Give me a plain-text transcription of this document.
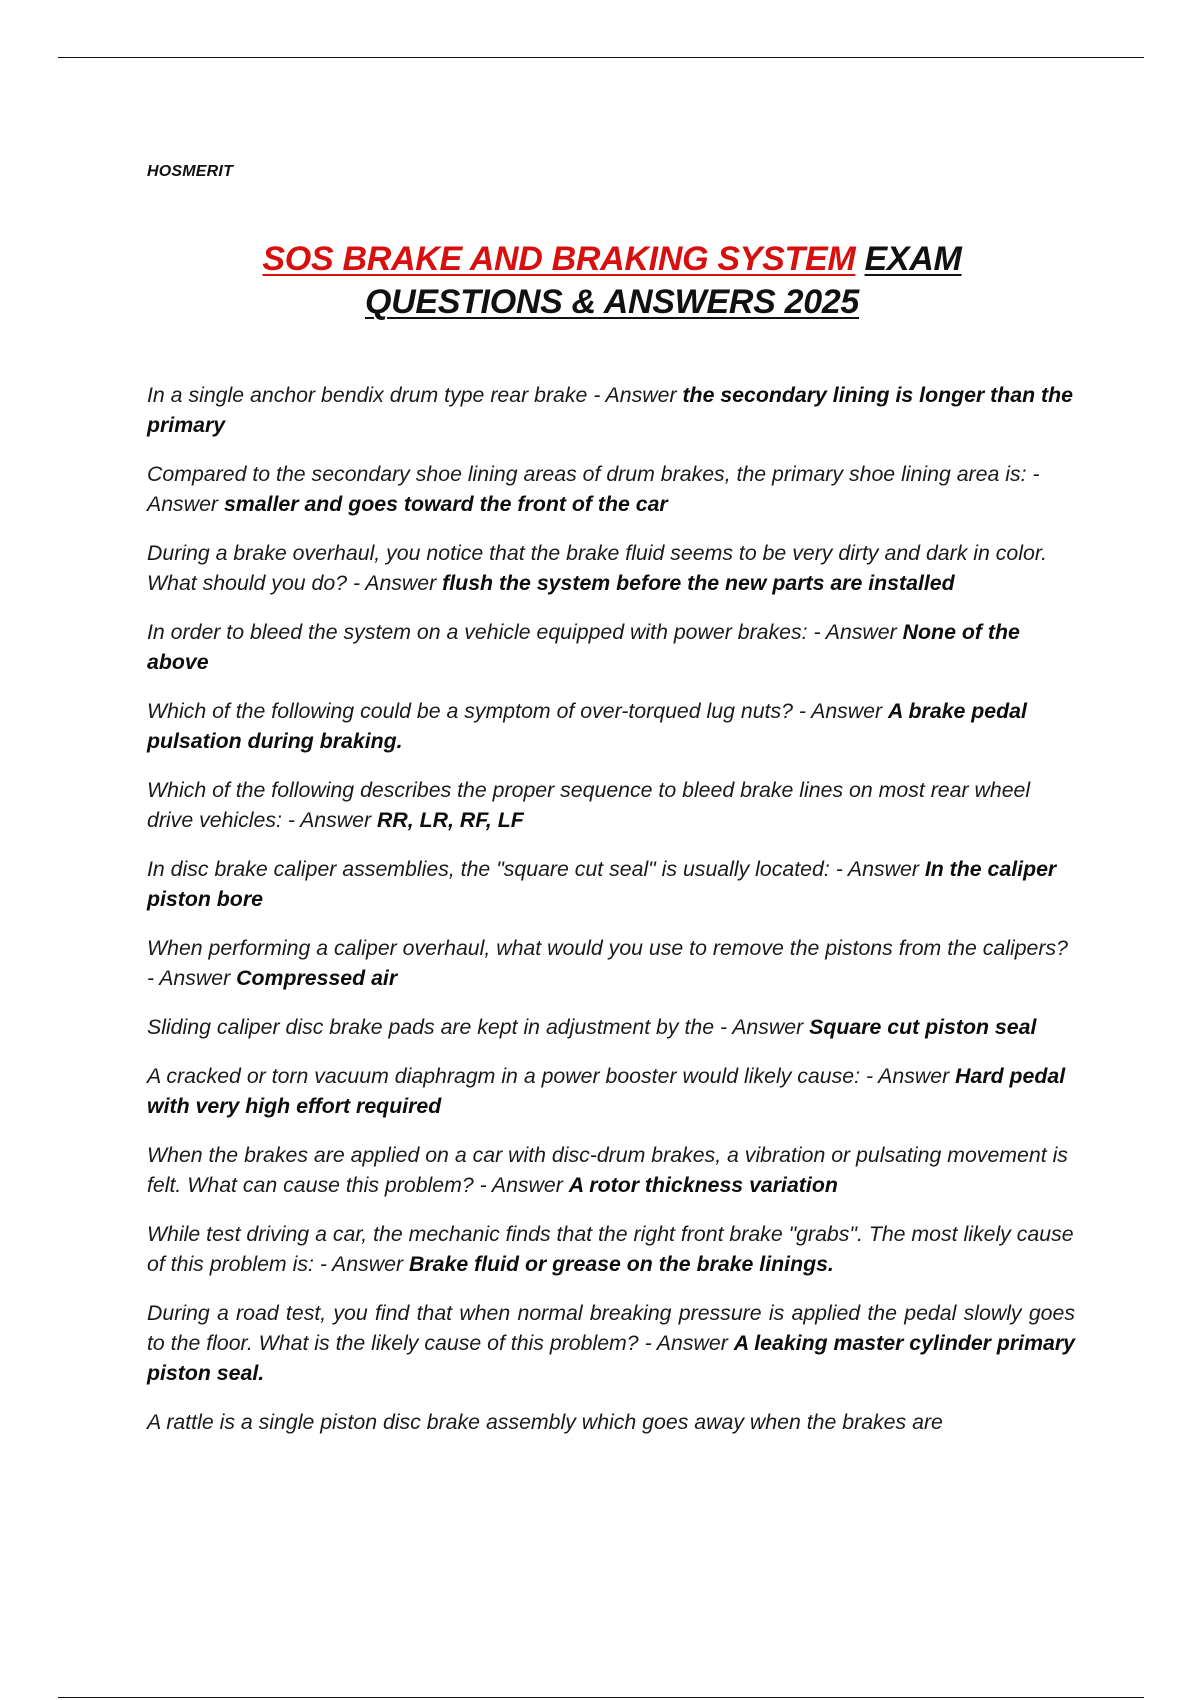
HOSMERIT
SOS BRAKE AND BRAKING SYSTEM EXAM
QUESTIONS & ANSWERS 2025
In a single anchor bendix drum type rear brake - Answer the secondary lining is longer than the primary
Compared to the secondary shoe lining areas of drum brakes, the primary shoe lining area is: - Answer smaller and goes toward the front of the car
During a brake overhaul, you notice that the brake fluid seems to be very dirty and dark in color. What should you do? - Answer flush the system before the new parts are installed
In order to bleed the system on a vehicle equipped with power brakes: - Answer None of the above
Which of the following could be a symptom of over-torqued lug nuts? - Answer A brake pedal pulsation during braking.
Which of the following describes the proper sequence to bleed brake lines on most rear wheel drive vehicles: - Answer RR, LR, RF, LF
In disc brake caliper assemblies, the "square cut seal" is usually located: - Answer In the caliper piston bore
When performing a caliper overhaul, what would you use to remove the pistons from the calipers? - Answer Compressed air
Sliding caliper disc brake pads are kept in adjustment by the - Answer Square cut piston seal
A cracked or torn vacuum diaphragm in a power booster would likely cause: - Answer Hard pedal with very high effort required
When the brakes are applied on a car with disc-drum brakes, a vibration or pulsating movement is felt. What can cause this problem? - Answer A rotor thickness variation
While test driving a car, the mechanic finds that the right front brake "grabs". The most likely cause of this problem is: - Answer Brake fluid or grease on the brake linings.
During a road test, you find that when normal breaking pressure is applied the pedal slowly goes to the floor. What is the likely cause of this problem? - Answer A leaking master cylinder primary piston seal.
A rattle is a single piston disc brake assembly which goes away when the brakes are
